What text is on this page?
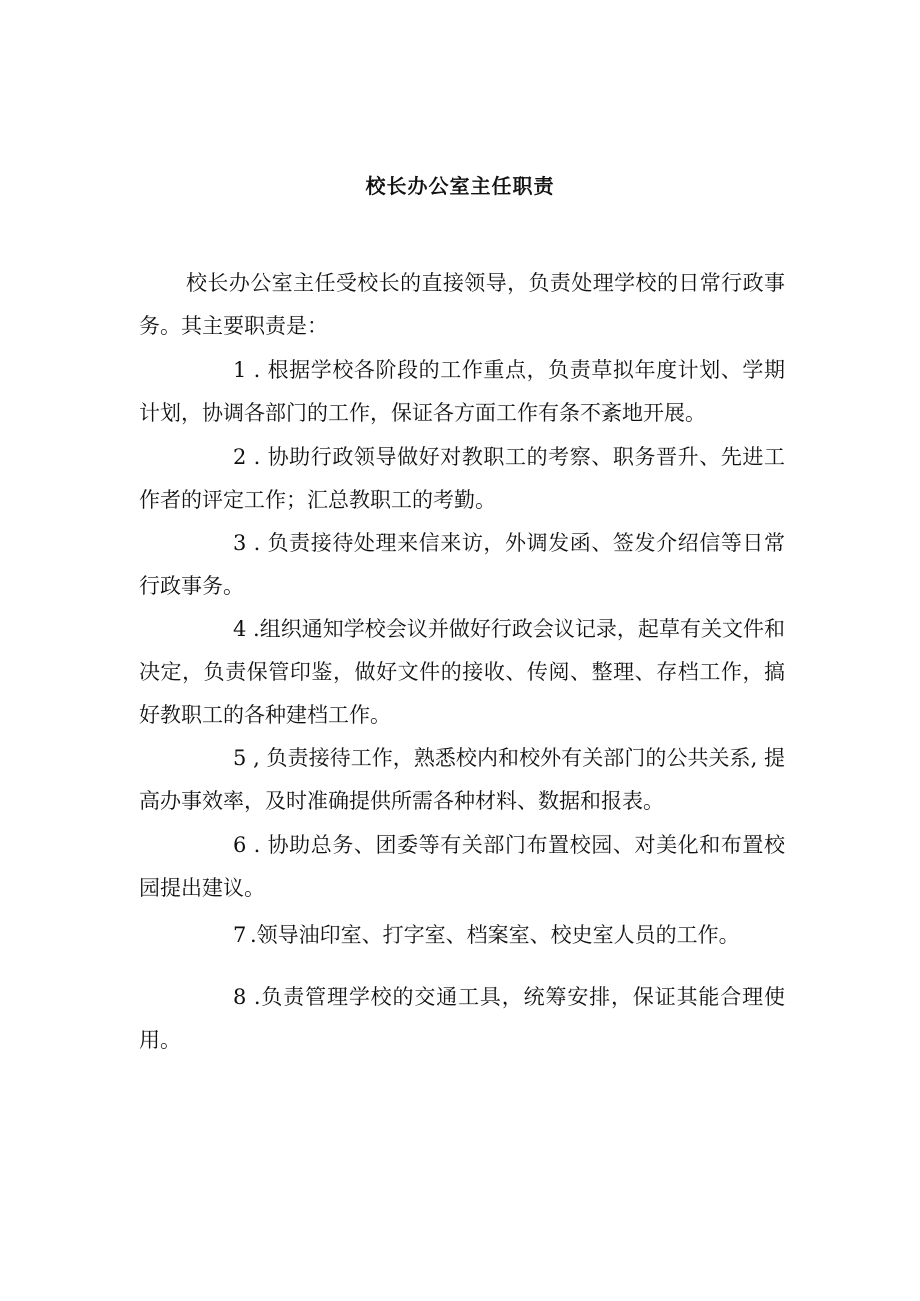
校长办公室主任职责

校长办公室主任受校长的直接领导，负责处理学校的日常行政事务。其主要职责是：

1 . 根据学校各阶段的工作重点，负责草拟年度计划、学期计划，协调各部门的工作，保证各方面工作有条不紊地开展。

2 . 协助行政领导做好对教职工的考察、职务晋升、先进工作者的评定工作；汇总教职工的考勤。

3 . 负责接待处理来信来访，外调发函、签发介绍信等日常行政事务。

4 .组织通知学校会议并做好行政会议记录，起草有关文件和决定，负责保管印鉴，做好文件的接收、传阅、整理、存档工作，搞好教职工的各种建档工作。

5 , 负责接待工作，熟悉校内和校外有关部门的公共关系, 提高办事效率，及时准确提供所需各种材料、数据和报表。

6 . 协助总务、团委等有关部门布置校园、对美化和布置校园提出建议。

7 .领导油印室、打字室、档案室、校史室人员的工作。

8 .负责管理学校的交通工具，统筹安排，保证其能合理使用。
